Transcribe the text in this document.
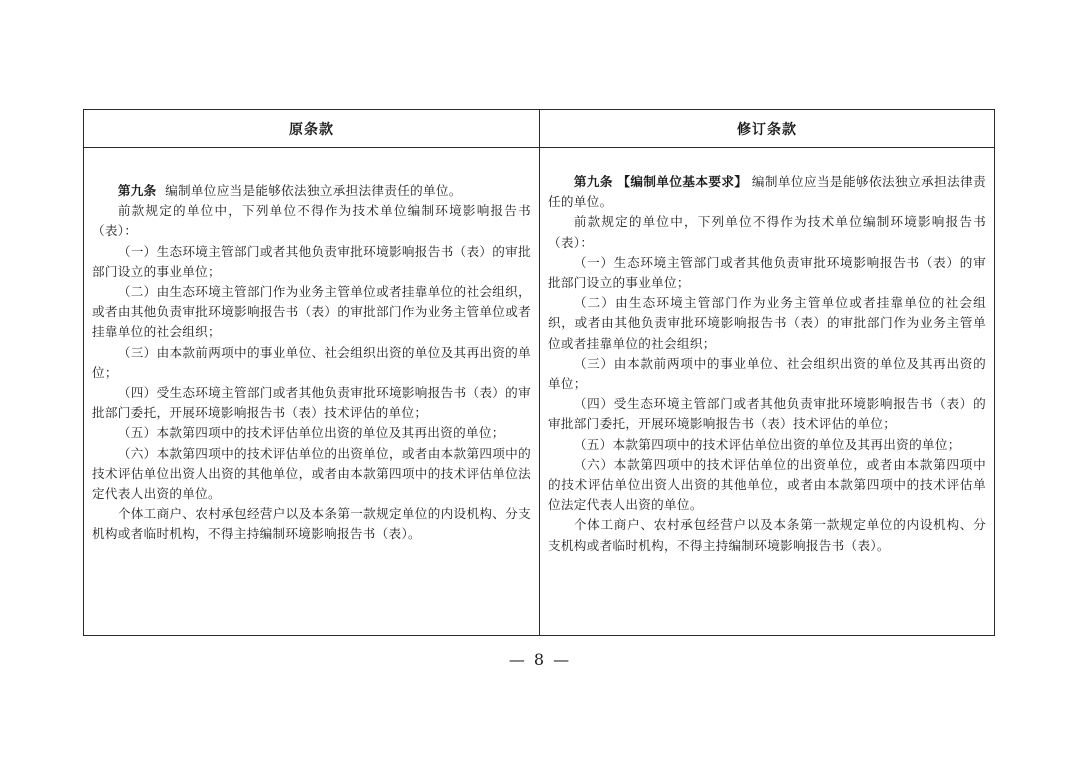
原条款	修订条款

第九条 编制单位应当是能够依法独立承担法律责任的单位。

前款规定的单位中，下列单位不得作为技术单位编制环境影响报告书（表）：

（一）生态环境主管部门或者其他负责审批环境影响报告书（表）的审批部门设立的事业单位；

（二）由生态环境主管部门作为业务主管单位或者挂靠单位的社会组织，或者由其他负责审批环境影响报告书（表）的审批部门作为业务主管单位或者挂靠单位的社会组织；

（三）由本款前两项中的事业单位、社会组织出资的单位及其再出资的单位；

（四）受生态环境主管部门或者其他负责审批环境影响报告书（表）的审批部门委托，开展环境影响报告书（表）技术评估的单位；

（五）本款第四项中的技术评估单位出资的单位及其再出资的单位；

（六）本款第四项中的技术评估单位的出资单位，或者由本款第四项中的技术评估单位出资人出资的其他单位，或者由本款第四项中的技术评估单位法定代表人出资的单位。

个体工商户、农村承包经营户以及本条第一款规定单位的内设机构、分支机构或者临时机构，不得主持编制环境影响报告书（表）。

第九条 【编制单位基本要求】 编制单位应当是能够依法独立承担法律责任的单位。

前款规定的单位中，下列单位不得作为技术单位编制环境影响报告书（表）：

（一）生态环境主管部门或者其他负责审批环境影响报告书（表）的审批部门设立的事业单位；

（二）由生态环境主管部门作为业务主管单位或者挂靠单位的社会组织，或者由其他负责审批环境影响报告书（表）的审批部门作为业务主管单位或者挂靠单位的社会组织；

（三）由本款前两项中的事业单位、社会组织出资的单位及其再出资的单位；

（四）受生态环境主管部门或者其他负责审批环境影响报告书（表）的审批部门委托，开展环境影响报告书（表）技术评估的单位；

（五）本款第四项中的技术评估单位出资的单位及其再出资的单位；

（六）本款第四项中的技术评估单位的出资单位，或者由本款第四项中的技术评估单位出资人出资的其他单位，或者由本款第四项中的技术评估单位法定代表人出资的单位。

个体工商户、农村承包经营户以及本条第一款规定单位的内设机构、分支机构或者临时机构，不得主持编制环境影响报告书（表）。

— 8 —
